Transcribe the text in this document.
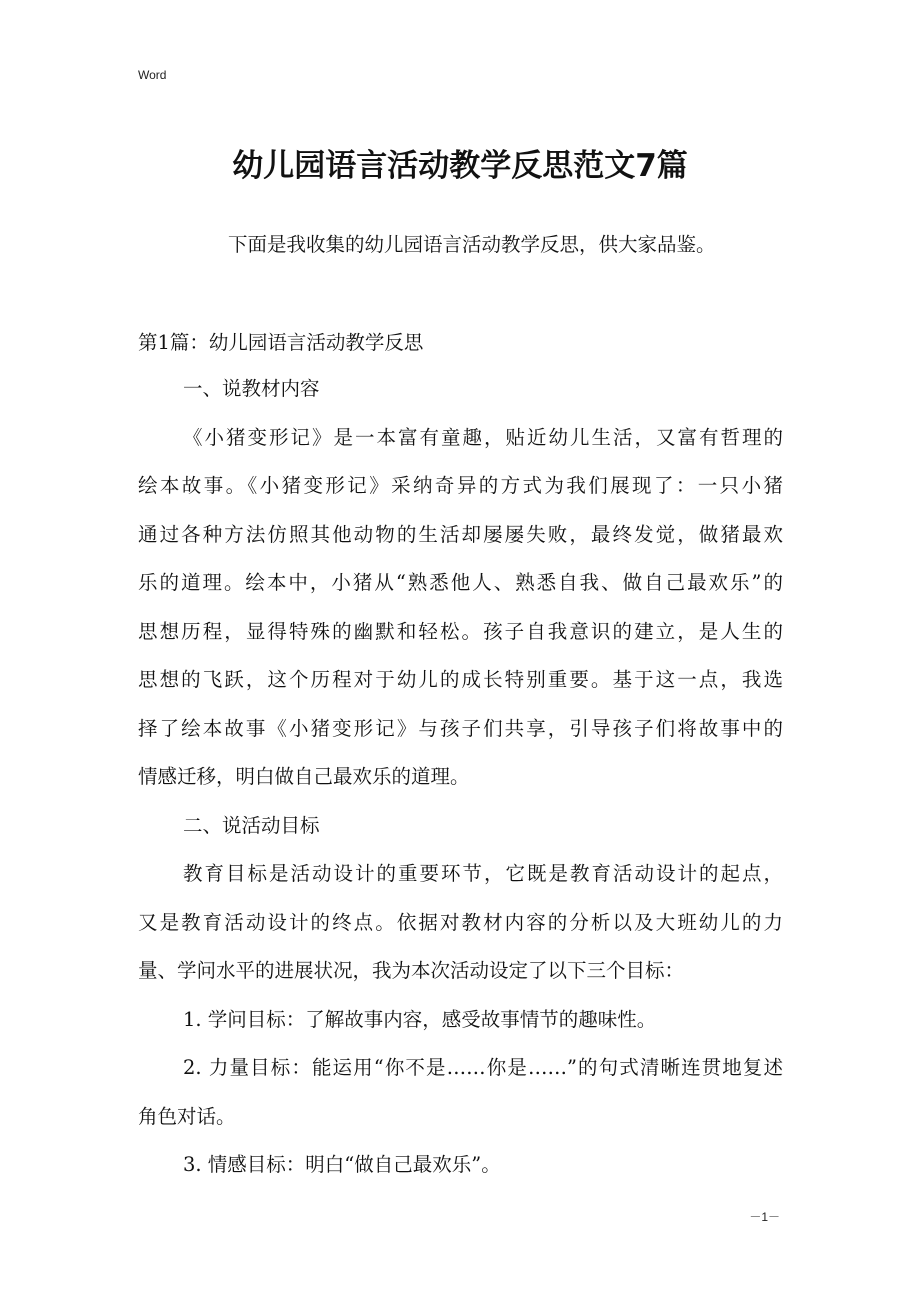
Word
幼儿园语言活动教学反思范文7篇
下面是我收集的幼儿园语言活动教学反思，供大家品鉴。
第1篇：幼儿园语言活动教学反思
一、说教材内容
《小猪变形记》是一本富有童趣，贴近幼儿生活，又富有哲理的
绘本故事。《小猪变形记》采纳奇异的方式为我们展现了：一只小猪
通过各种方法仿照其他动物的生活却屡屡失败，最终发觉，做猪最欢
乐的道理。绘本中，小猪从“熟悉他人、熟悉自我、做自己最欢乐”的
思想历程，显得特殊的幽默和轻松。孩子自我意识的建立，是人生的
思想的飞跃，这个历程对于幼儿的成长特别重要。基于这一点，我选
择了绘本故事《小猪变形记》与孩子们共享，引导孩子们将故事中的
情感迁移，明白做自己最欢乐的道理。
二、说活动目标
教育目标是活动设计的重要环节，它既是教育活动设计的起点，
又是教育活动设计的终点。依据对教材内容的分析以及大班幼儿的力
量、学问水平的进展状况，我为本次活动设定了以下三个目标：
1. 学问目标：了解故事内容，感受故事情节的趣味性。
2. 力量目标：能运用“你不是……你是……”的句式清晰连贯地复述
角色对话。
3. 情感目标：明白“做自己最欢乐”。
－1－
